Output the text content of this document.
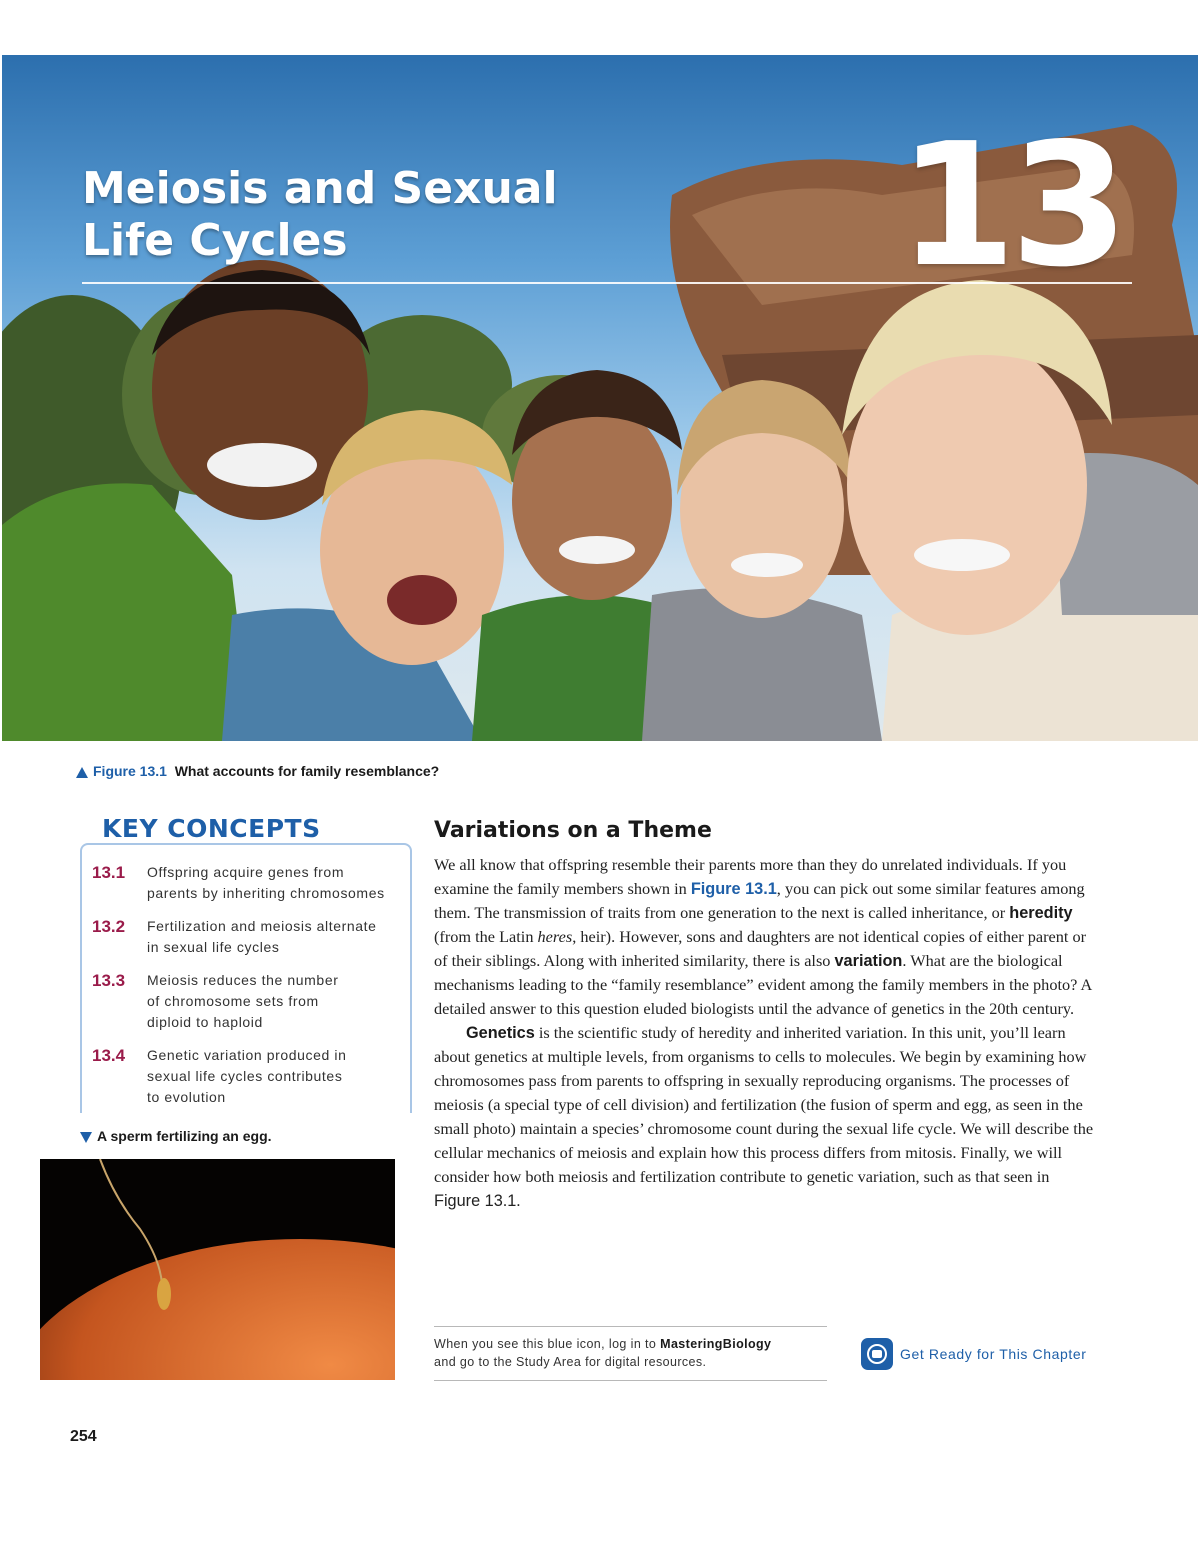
Meiosis and Sexual
Life Cycles	13
Figure 13.1 What accounts for family resemblance?
KEY CONCEPTS
13.1	Offspring acquire genes from
parents by inheriting chromosomes
13.2	Fertilization and meiosis alternate
in sexual life cycles
13.3	Meiosis reduces the number
of chromosome sets from
diploid to haploid
13.4	Genetic variation produced in
sexual life cycles contributes
to evolution
A sperm fertilizing an egg.
254
Variations on a Theme

We all know that offspring resemble their parents more than they do unrelated individuals. If you examine the family members shown in Figure 13.1, you can pick out some similar features among them. The transmission of traits from one generation to the next is called inheritance, or heredity (from the Latin heres, heir). However, sons and daughters are not identical copies of either parent or of their siblings. Along with inherited similarity, there is also variation. What are the biological mechanisms leading to the “family resemblance” evident among the family members in the photo? A detailed answer to this question eluded biologists until the advance of genetics in the 20th century.

Genetics is the scientific study of heredity and inherited variation. In this unit, you’ll learn about genetics at multiple levels, from organisms to cells to molecules. We begin by examining how chromosomes pass from parents to offspring in sexually reproducing organisms. The processes of meiosis (a special type of cell division) and fertilization (the fusion of sperm and egg, as seen in the small photo) maintain a species’ chromosome count during the sexual life cycle. We will describe the cellular mechanics of meiosis and explain how this process differs from mitosis. Finally, we will consider how both meiosis and fertilization contribute to genetic variation, such as that seen in Figure 13.1.

When you see this blue icon, log in to MasteringBiology
and go to the Study Area for digital resources.	Get Ready for This Chapter
